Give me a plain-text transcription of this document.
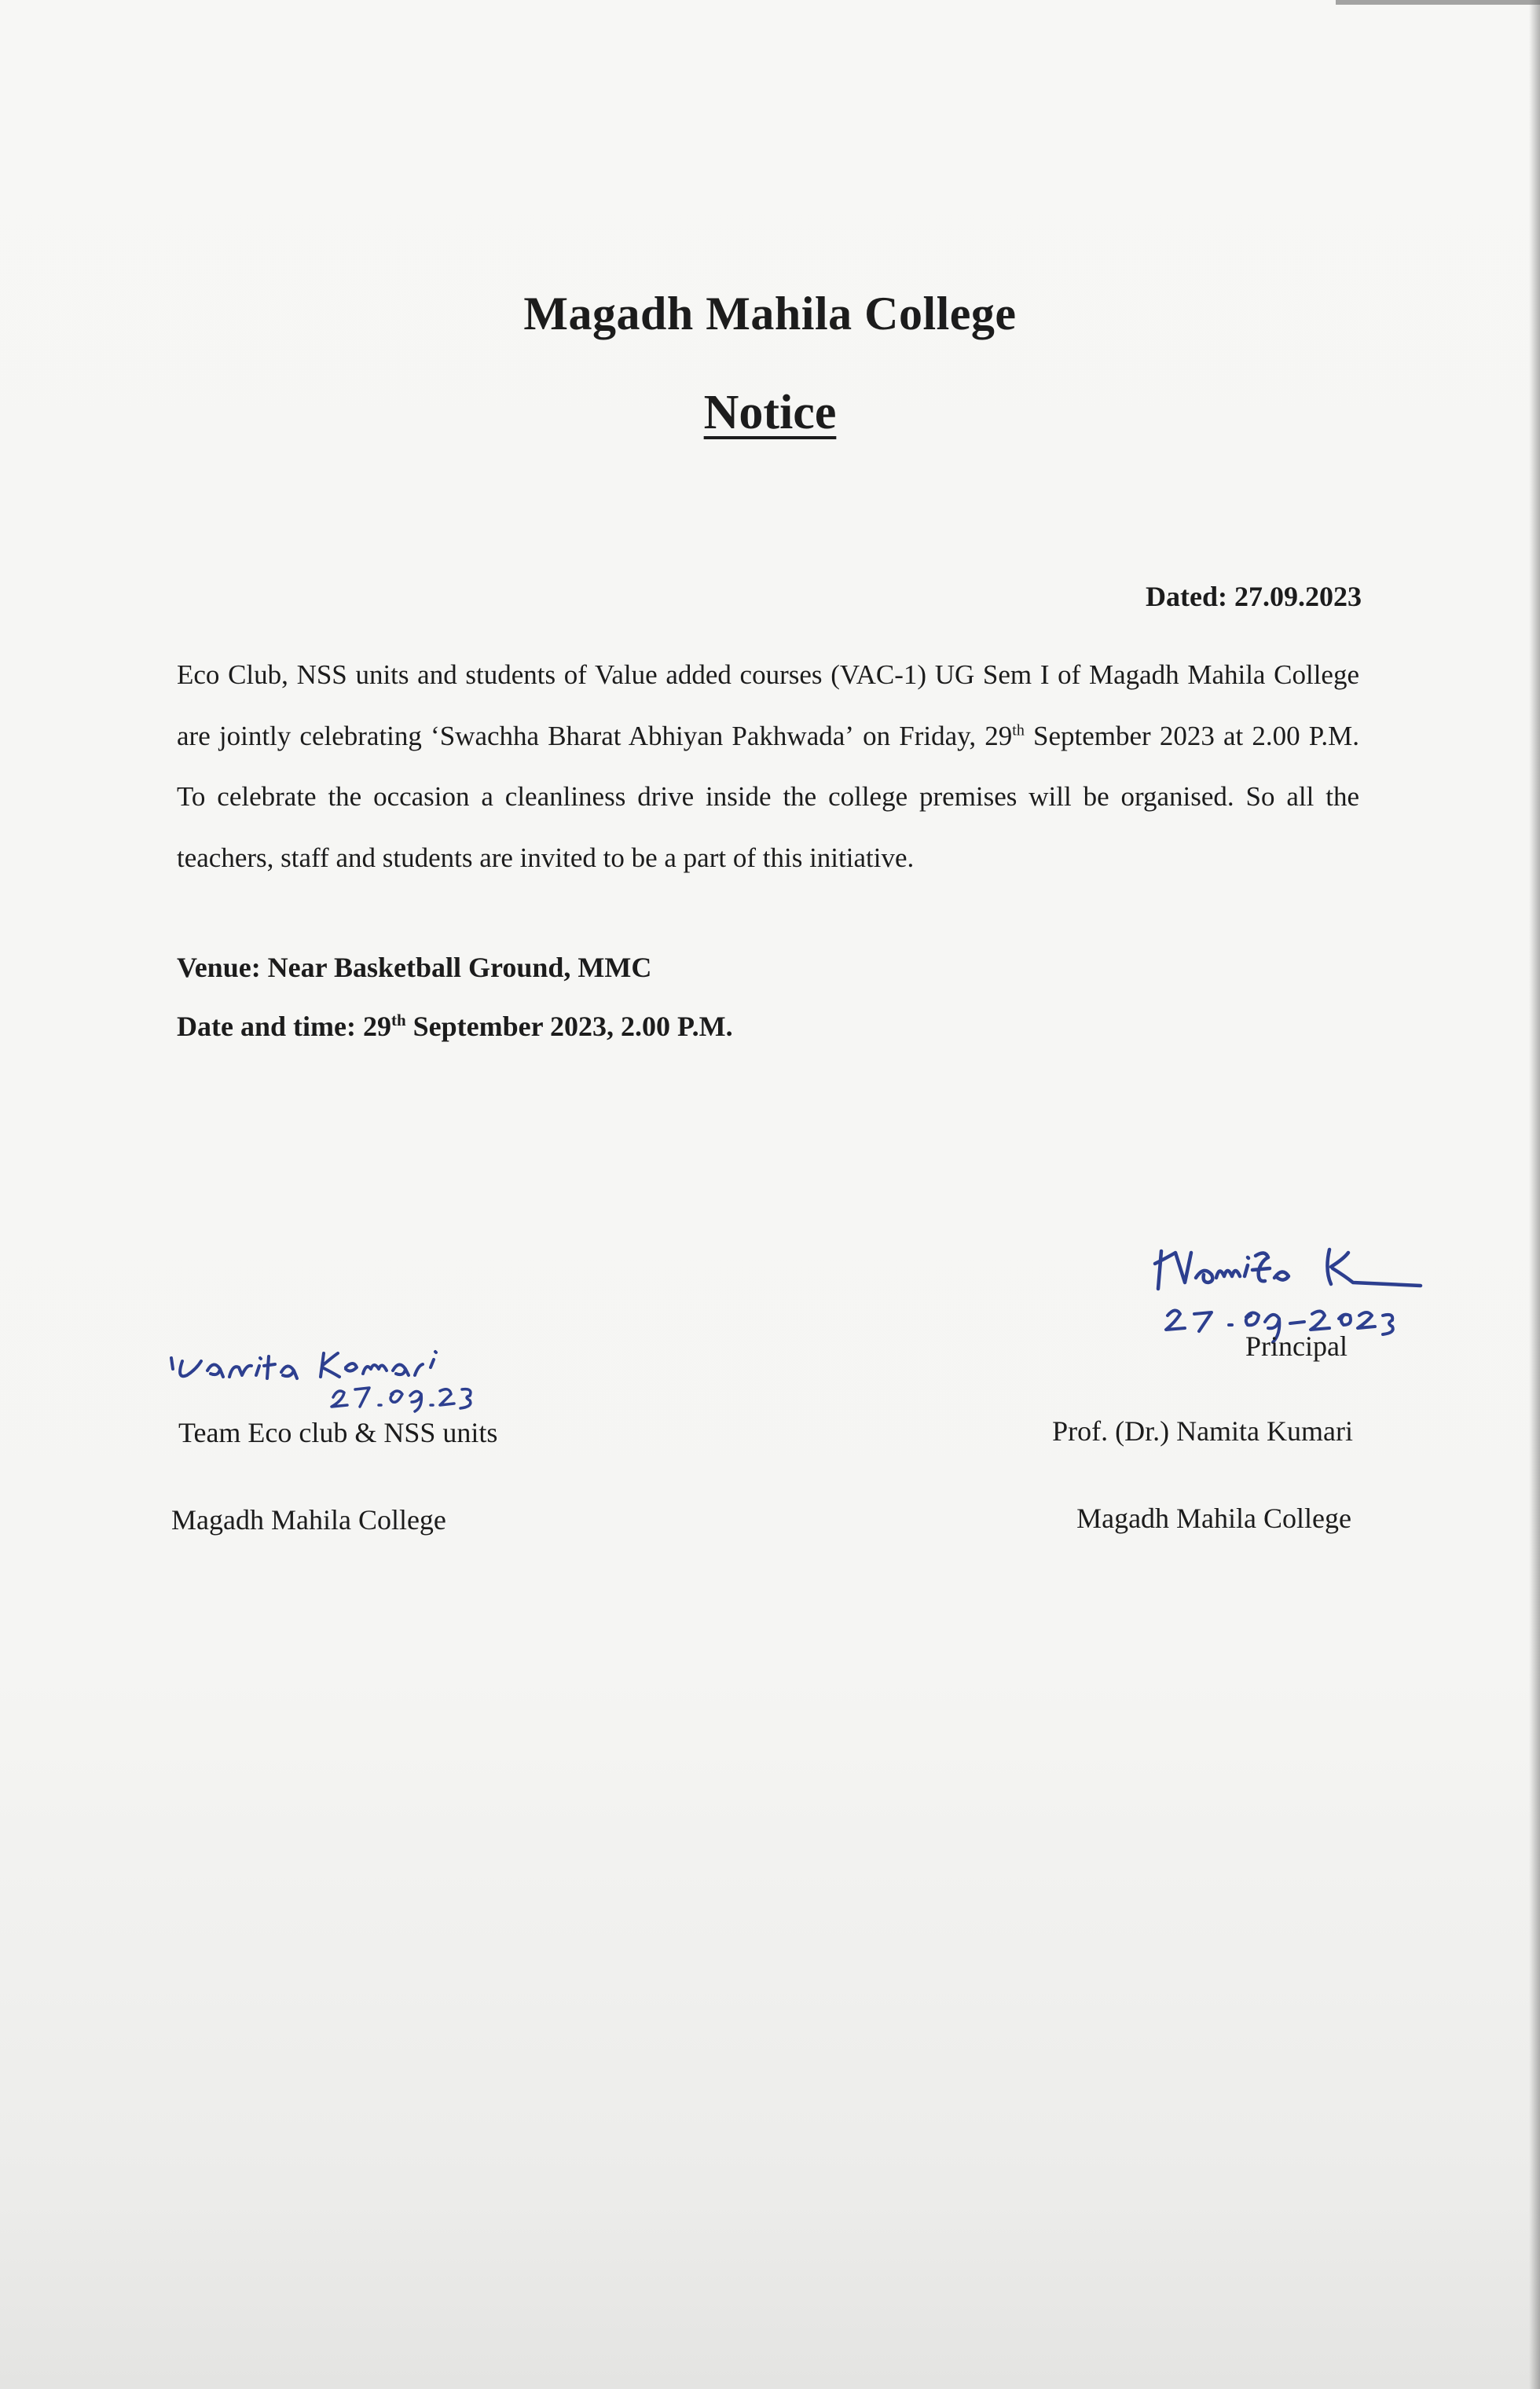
Magadh Mahila College
Notice
Dated: 27.09.2023
Eco Club, NSS units and students of Value added courses (VAC-1) UG Sem I of Magadh Mahila College are jointly celebrating ʻSwachha Bharat Abhiyan Pakhwadaʼ on Friday, 29th September 2023 at 2.00 P.M. To celebrate the occasion a cleanliness drive inside the college premises will be organised. So all the teachers, staff and students are invited to be a part of this initiative.
Venue: Near Basketball Ground, MMC
Date and time: 29th September 2023, 2.00 P.M.
Principal
Team Eco club & NSS units	Prof. (Dr.) Namita Kumari
Magadh Mahila College	Magadh Mahila College
